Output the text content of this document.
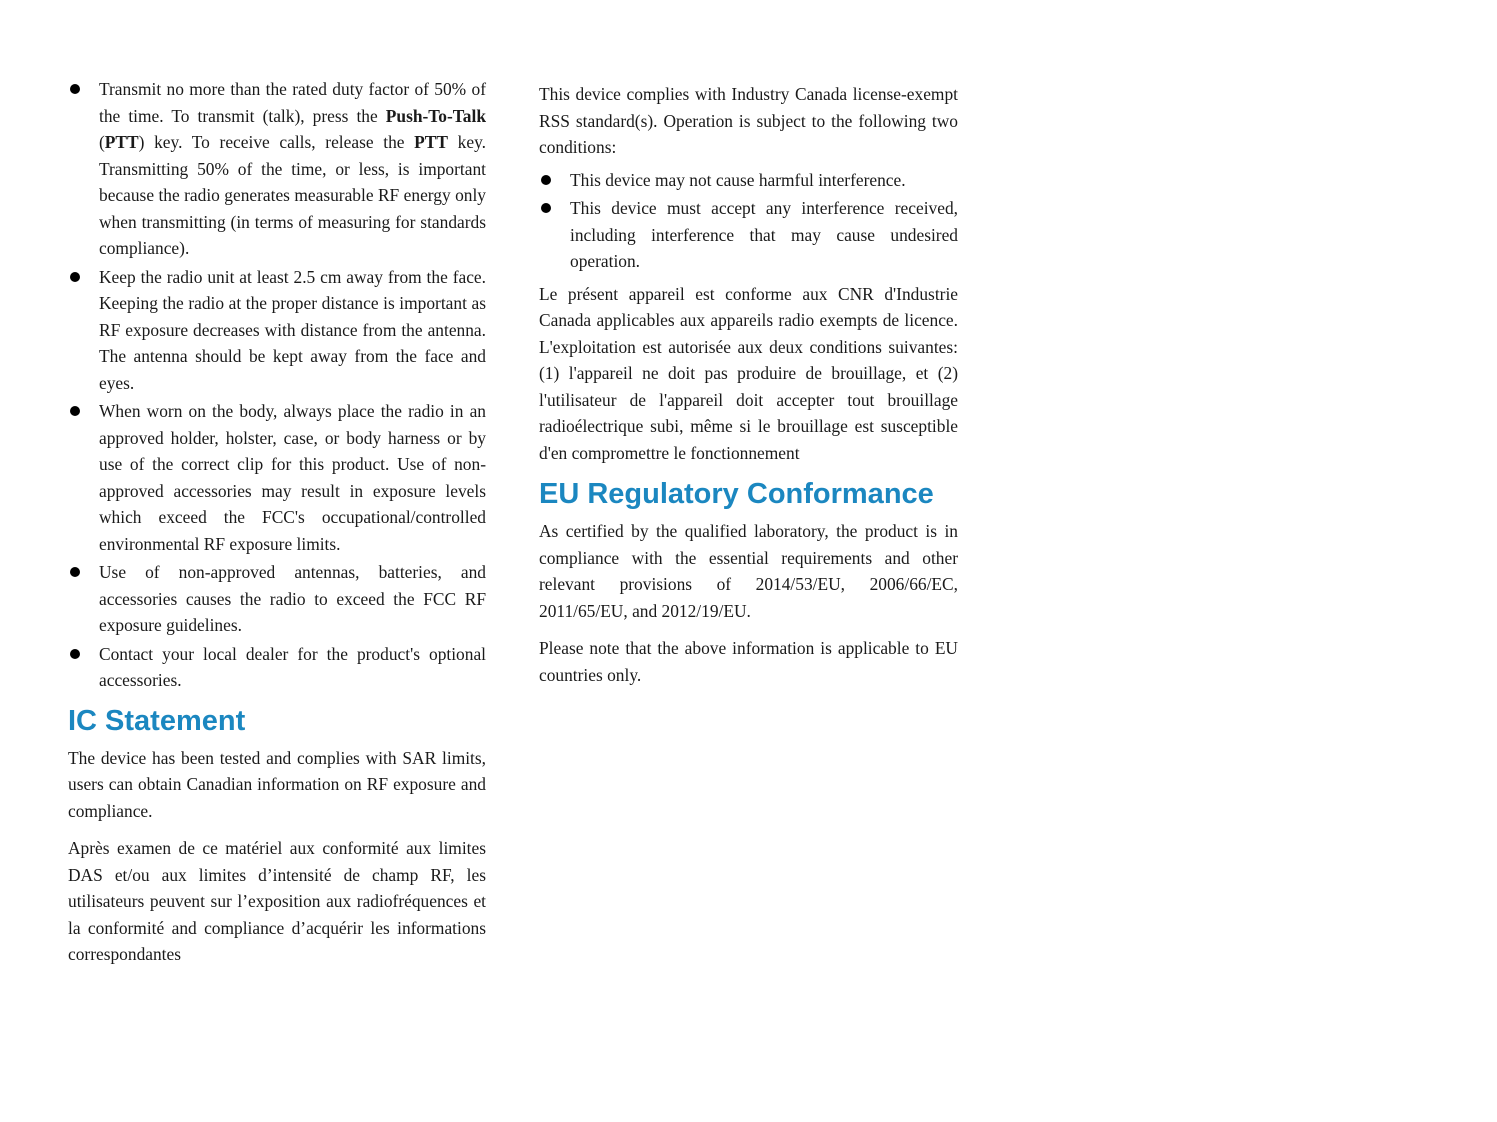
Transmit no more than the rated duty factor of 50% of the time. To transmit (talk), press the Push-To-Talk (PTT) key. To receive calls, release the PTT key. Transmitting 50% of the time, or less, is important because the radio generates measurable RF energy only when transmitting (in terms of measuring for standards compliance).
Keep the radio unit at least 2.5 cm away from the face. Keeping the radio at the proper distance is important as RF exposure decreases with distance from the antenna. The antenna should be kept away from the face and eyes.
When worn on the body, always place the radio in an approved holder, holster, case, or body harness or by use of the correct clip for this product. Use of non-approved accessories may result in exposure levels which exceed the FCC's occupational/controlled environmental RF exposure limits.
Use of non-approved antennas, batteries, and accessories causes the radio to exceed the FCC RF exposure guidelines.
Contact your local dealer for the product's optional accessories.
IC Statement

The device has been tested and complies with SAR limits, users can obtain Canadian information on RF exposure and compliance.

Après examen de ce matériel aux conformité aux limites DAS et/ou aux limites d’intensité de champ RF, les utilisateurs peuvent sur l’exposition aux radiofréquences et la conformité and compliance d’acquérir les informations correspondantes

This device complies with Industry Canada license-exempt RSS standard(s). Operation is subject to the following two conditions:

This device may not cause harmful interference.
This device must accept any interference received, including interference that may cause undesired operation.

Le présent appareil est conforme aux CNR d'Industrie Canada applicables aux appareils radio exempts de licence. L'exploitation est autorisée aux deux conditions suivantes: (1) l'appareil ne doit pas produire de brouillage, et (2) l'utilisateur de l'appareil doit accepter tout brouillage radioélectrique subi, même si le brouillage est susceptible d'en compromettre le fonctionnement

EU Regulatory Conformance

As certified by the qualified laboratory, the product is in compliance with the essential requirements and other relevant provisions of 2014/53/EU, 2006/66/EC, 2011/65/EU, and 2012/19/EU.

Please note that the above information is applicable to EU countries only.
